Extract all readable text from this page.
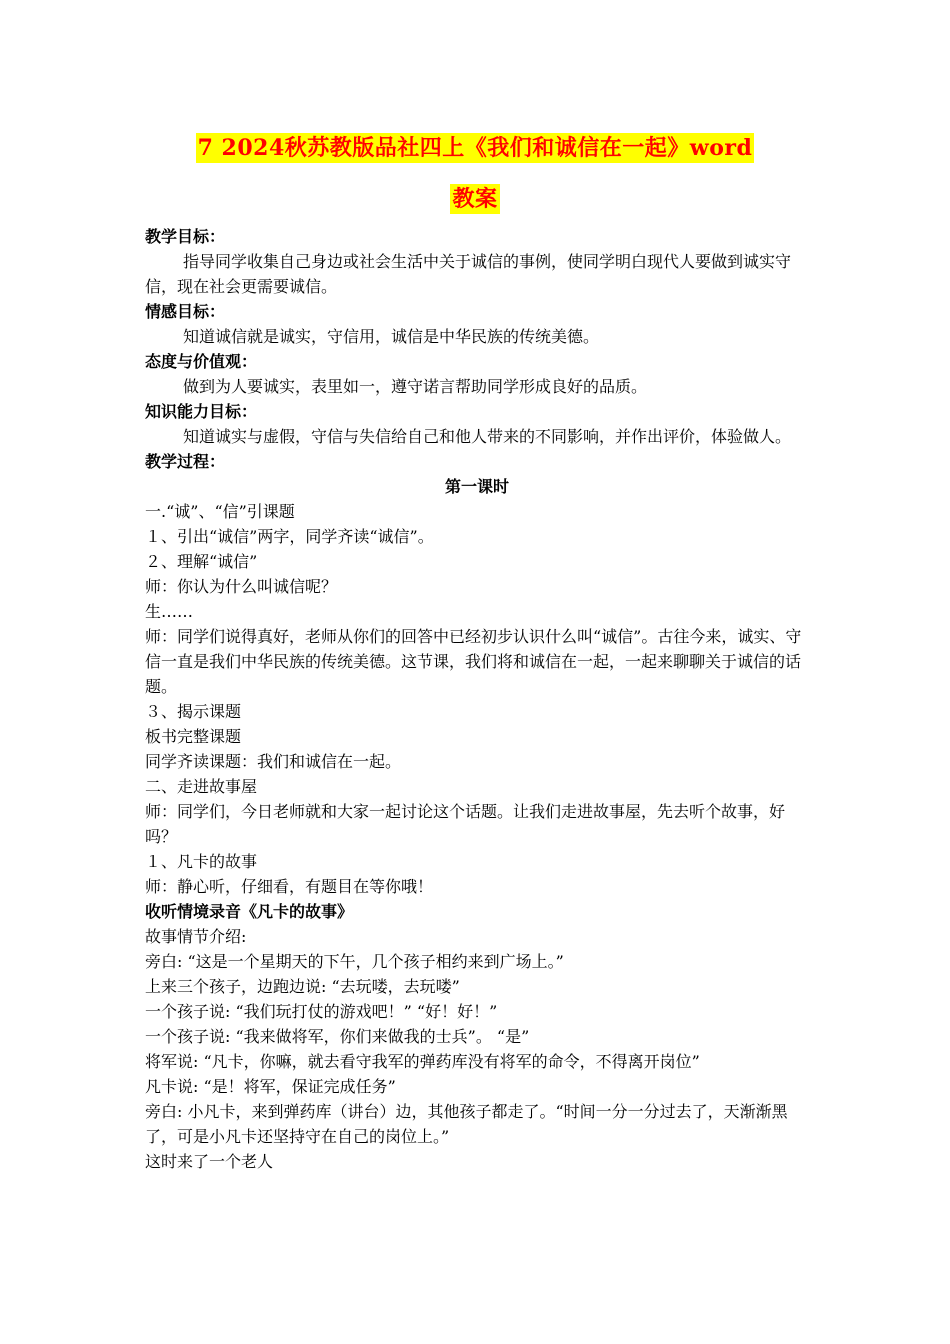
7 2024秋苏教版品社四上《我们和诚信在一起》word
教案
教学目标：
指导同学收集自己身边或社会生活中关于诚信的事例，使同学明白现代人要做到诚实守信，现在社会更需要诚信。
情感目标：
知道诚信就是诚实，守信用，诚信是中华民族的传统美德。
态度与价值观：
做到为人要诚实，表里如一，遵守诺言帮助同学形成良好的品质。
知识能力目标：
知道诚实与虚假，守信与失信给自己和他人带来的不同影响，并作出评价，体验做人。
教学过程：
第一课时
一.“诚”、“信”引课题
１、引出“诚信”两字，同学齐读“诚信”。
２、理解“诚信”
师：你认为什么叫诚信呢？
生……
师：同学们说得真好，老师从你们的回答中已经初步认识什么叫“诚信”。古往今来，诚实、守信一直是我们中华民族的传统美德。这节课，我们将和诚信在一起，一起来聊聊关于诚信的话题。
３、揭示课题
板书完整课题
同学齐读课题：我们和诚信在一起。
二、走进故事屋
师：同学们，今日老师就和大家一起讨论这个话题。让我们走进故事屋，先去听个故事，好吗？
１、凡卡的故事
师：静心听，仔细看，有题目在等你哦！
收听情境录音《凡卡的故事》
故事情节介绍:
旁白: “这是一个星期天的下午，几个孩子相约来到广场上。”
上来三个孩子，边跑边说: “去玩喽，去玩喽”
一个孩子说: “我们玩打仗的游戏吧！” “好！好！”
一个孩子说: “我来做将军，你们来做我的士兵”。 “是”
将军说: “凡卡，你嘛，就去看守我军的弹药库没有将军的命令，不得离开岗位”
凡卡说: “是！将军，保证完成任务”
旁白: 小凡卡，来到弹药库（讲台）边，其他孩子都走了。“时间一分一分过去了，天渐渐黑了，可是小凡卡还坚持守在自己的岗位上。”
这时来了一个老人
